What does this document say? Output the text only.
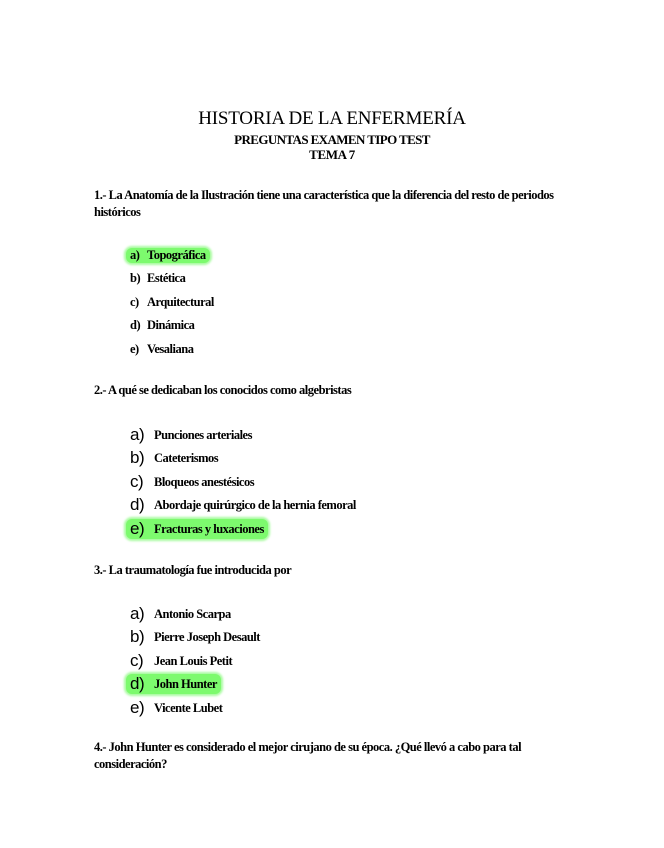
HISTORIA DE LA ENFERMERÍA
PREGUNTAS EXAMEN TIPO TEST
TEMA 7
1.- La Anatomía de la Ilustración tiene una característica que la diferencia del resto de periodos históricos
a) Topográfica
b) Estética
c) Arquitectural
d) Dinámica
e) Vesaliana
2.- A qué se dedicaban los conocidos como algebristas
a) Punciones arteriales
b) Cateterismos
c) Bloqueos anestésicos
d) Abordaje quirúrgico de la hernia femoral
e) Fracturas y luxaciones
3.- La traumatología fue introducida por
a) Antonio Scarpa
b) Pierre Joseph Desault
c) Jean Louis Petit
d) John Hunter
e) Vicente Lubet
4.- John Hunter es considerado el mejor cirujano de su época. ¿Qué llevó a cabo para tal consideración?
